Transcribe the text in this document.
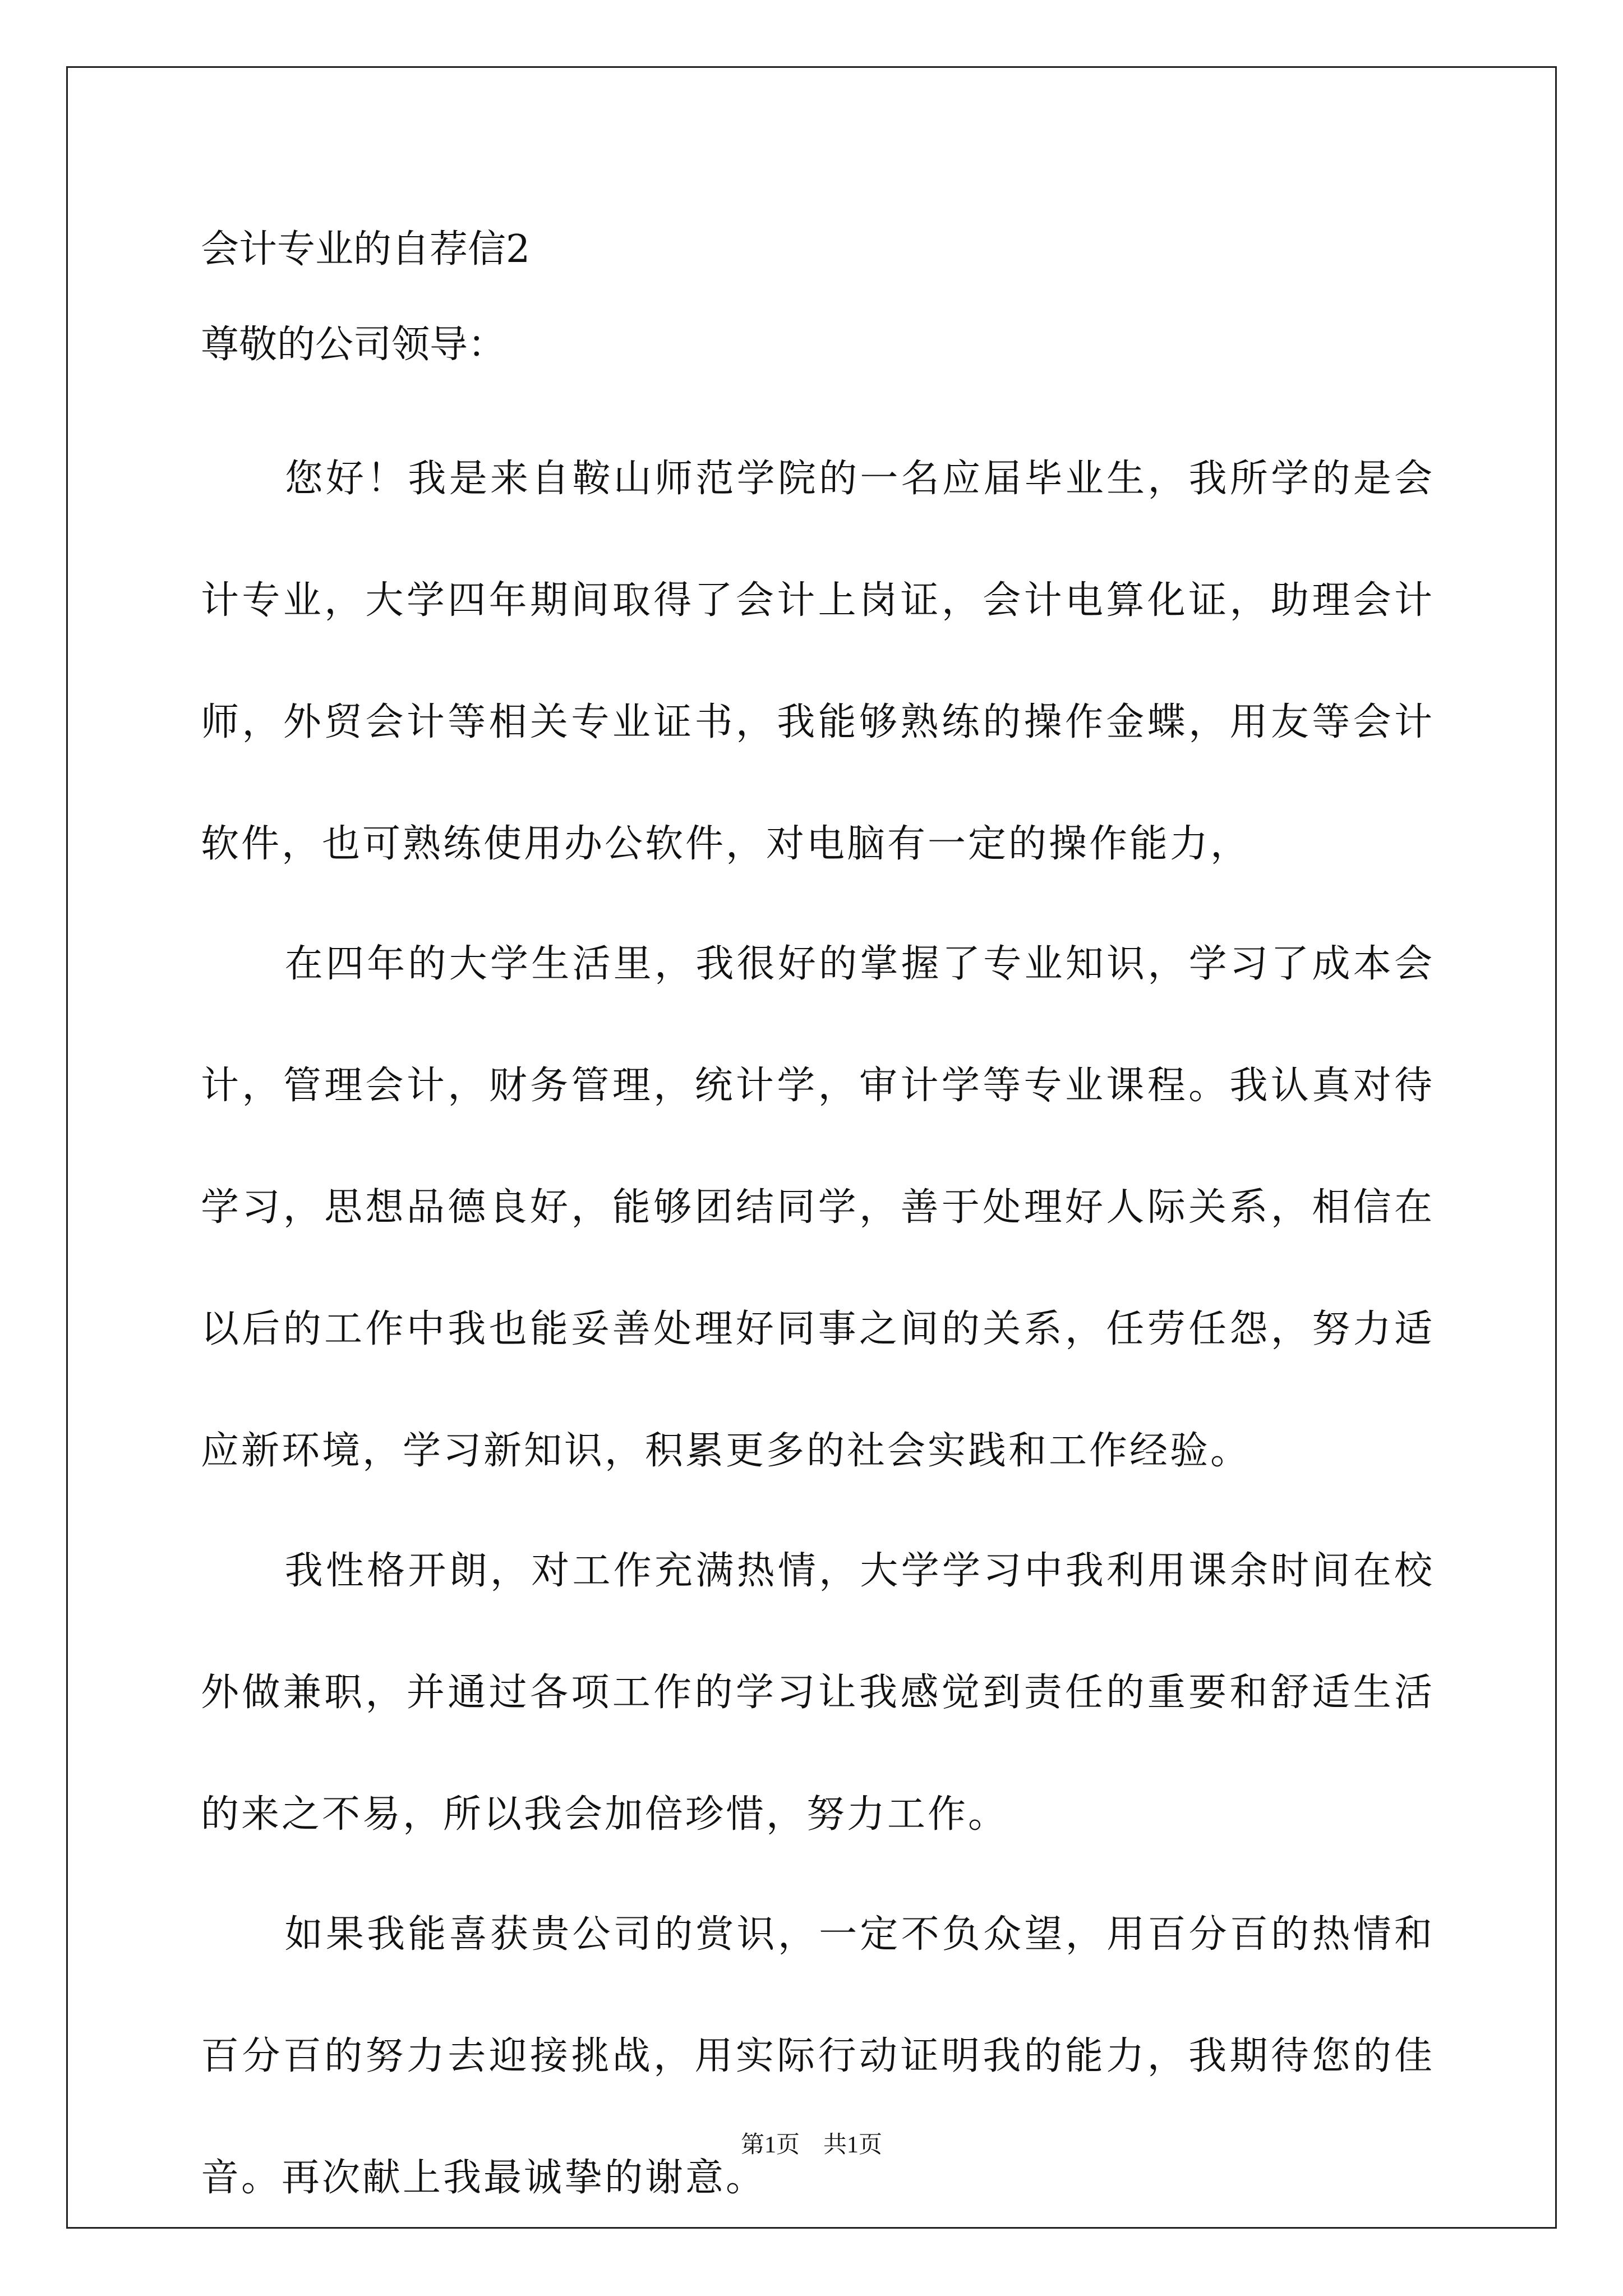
会计专业的自荐信2

尊敬的公司领导：

您好！我是来自鞍山师范学院的一名应届毕业生，我所学的是会计专业，大学四年期间取得了会计上岗证，会计电算化证，助理会计师，外贸会计等相关专业证书，我能够熟练的操作金蝶，用友等会计软件，也可熟练使用办公软件，对电脑有一定的操作能力，

在四年的大学生活里，我很好的掌握了专业知识，学习了成本会计，管理会计，财务管理，统计学，审计学等专业课程。我认真对待学习，思想品德良好，能够团结同学，善于处理好人际关系，相信在以后的工作中我也能妥善处理好同事之间的关系，任劳任怨，努力适应新环境，学习新知识，积累更多的社会实践和工作经验。

我性格开朗，对工作充满热情，大学学习中我利用课余时间在校外做兼职，并通过各项工作的学习让我感觉到责任的重要和舒适生活的来之不易，所以我会加倍珍惜，努力工作。

如果我能喜获贵公司的赏识，一定不负众望，用百分百的热情和百分百的努力去迎接挑战，用实际行动证明我的能力，我期待您的佳音。再次献上我最诚挚的谢意。

第1页　共1页
